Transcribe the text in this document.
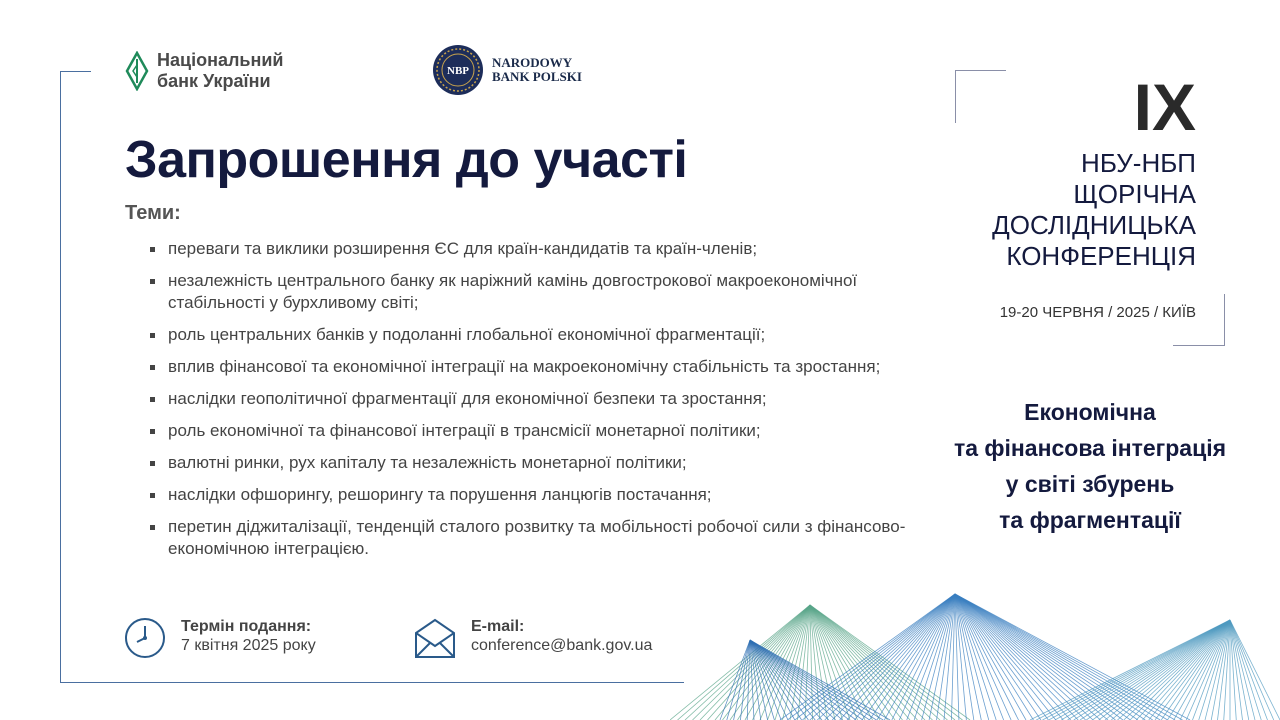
Національний
банк України	NBP
NARODOWY
BANK POLSKI
Запрошення до участі
Теми:
переваги та виклики розширення ЄС для країн-кандидатів та країн-членів;
незалежність центрального банку як наріжний камінь довгострокової макроекономічної стабільності у бурхливому світі;
роль центральних банків у подоланні глобальної економічної фрагментації;
вплив фінансової та економічної інтеграції на макроекономічну стабільність та зростання;
наслідки геополітичної фрагментації для економічної безпеки та зростання;
роль економічної та фінансової інтеграції в трансмісії монетарної політики;
валютні ринки, рух капіталу та незалежність монетарної політики;
наслідки офшорингу, решорингу та порушення ланцюгів постачання;
перетин діджиталізації, тенденцій сталого розвитку та мобільності робочої сили з фінансово-економічною інтеграцією.
Термін подання:
7 квітня 2025 року
E-mail:
conference@bank.gov.ua
IX
НБУ-НБП
ЩОРІЧНА
ДОСЛІДНИЦЬКА
КОНФЕРЕНЦІЯ
19-20 ЧЕРВНЯ / 2025 / КИЇВ
Економічна
та фінансова інтеграція
у світі збурень
та фрагментації
